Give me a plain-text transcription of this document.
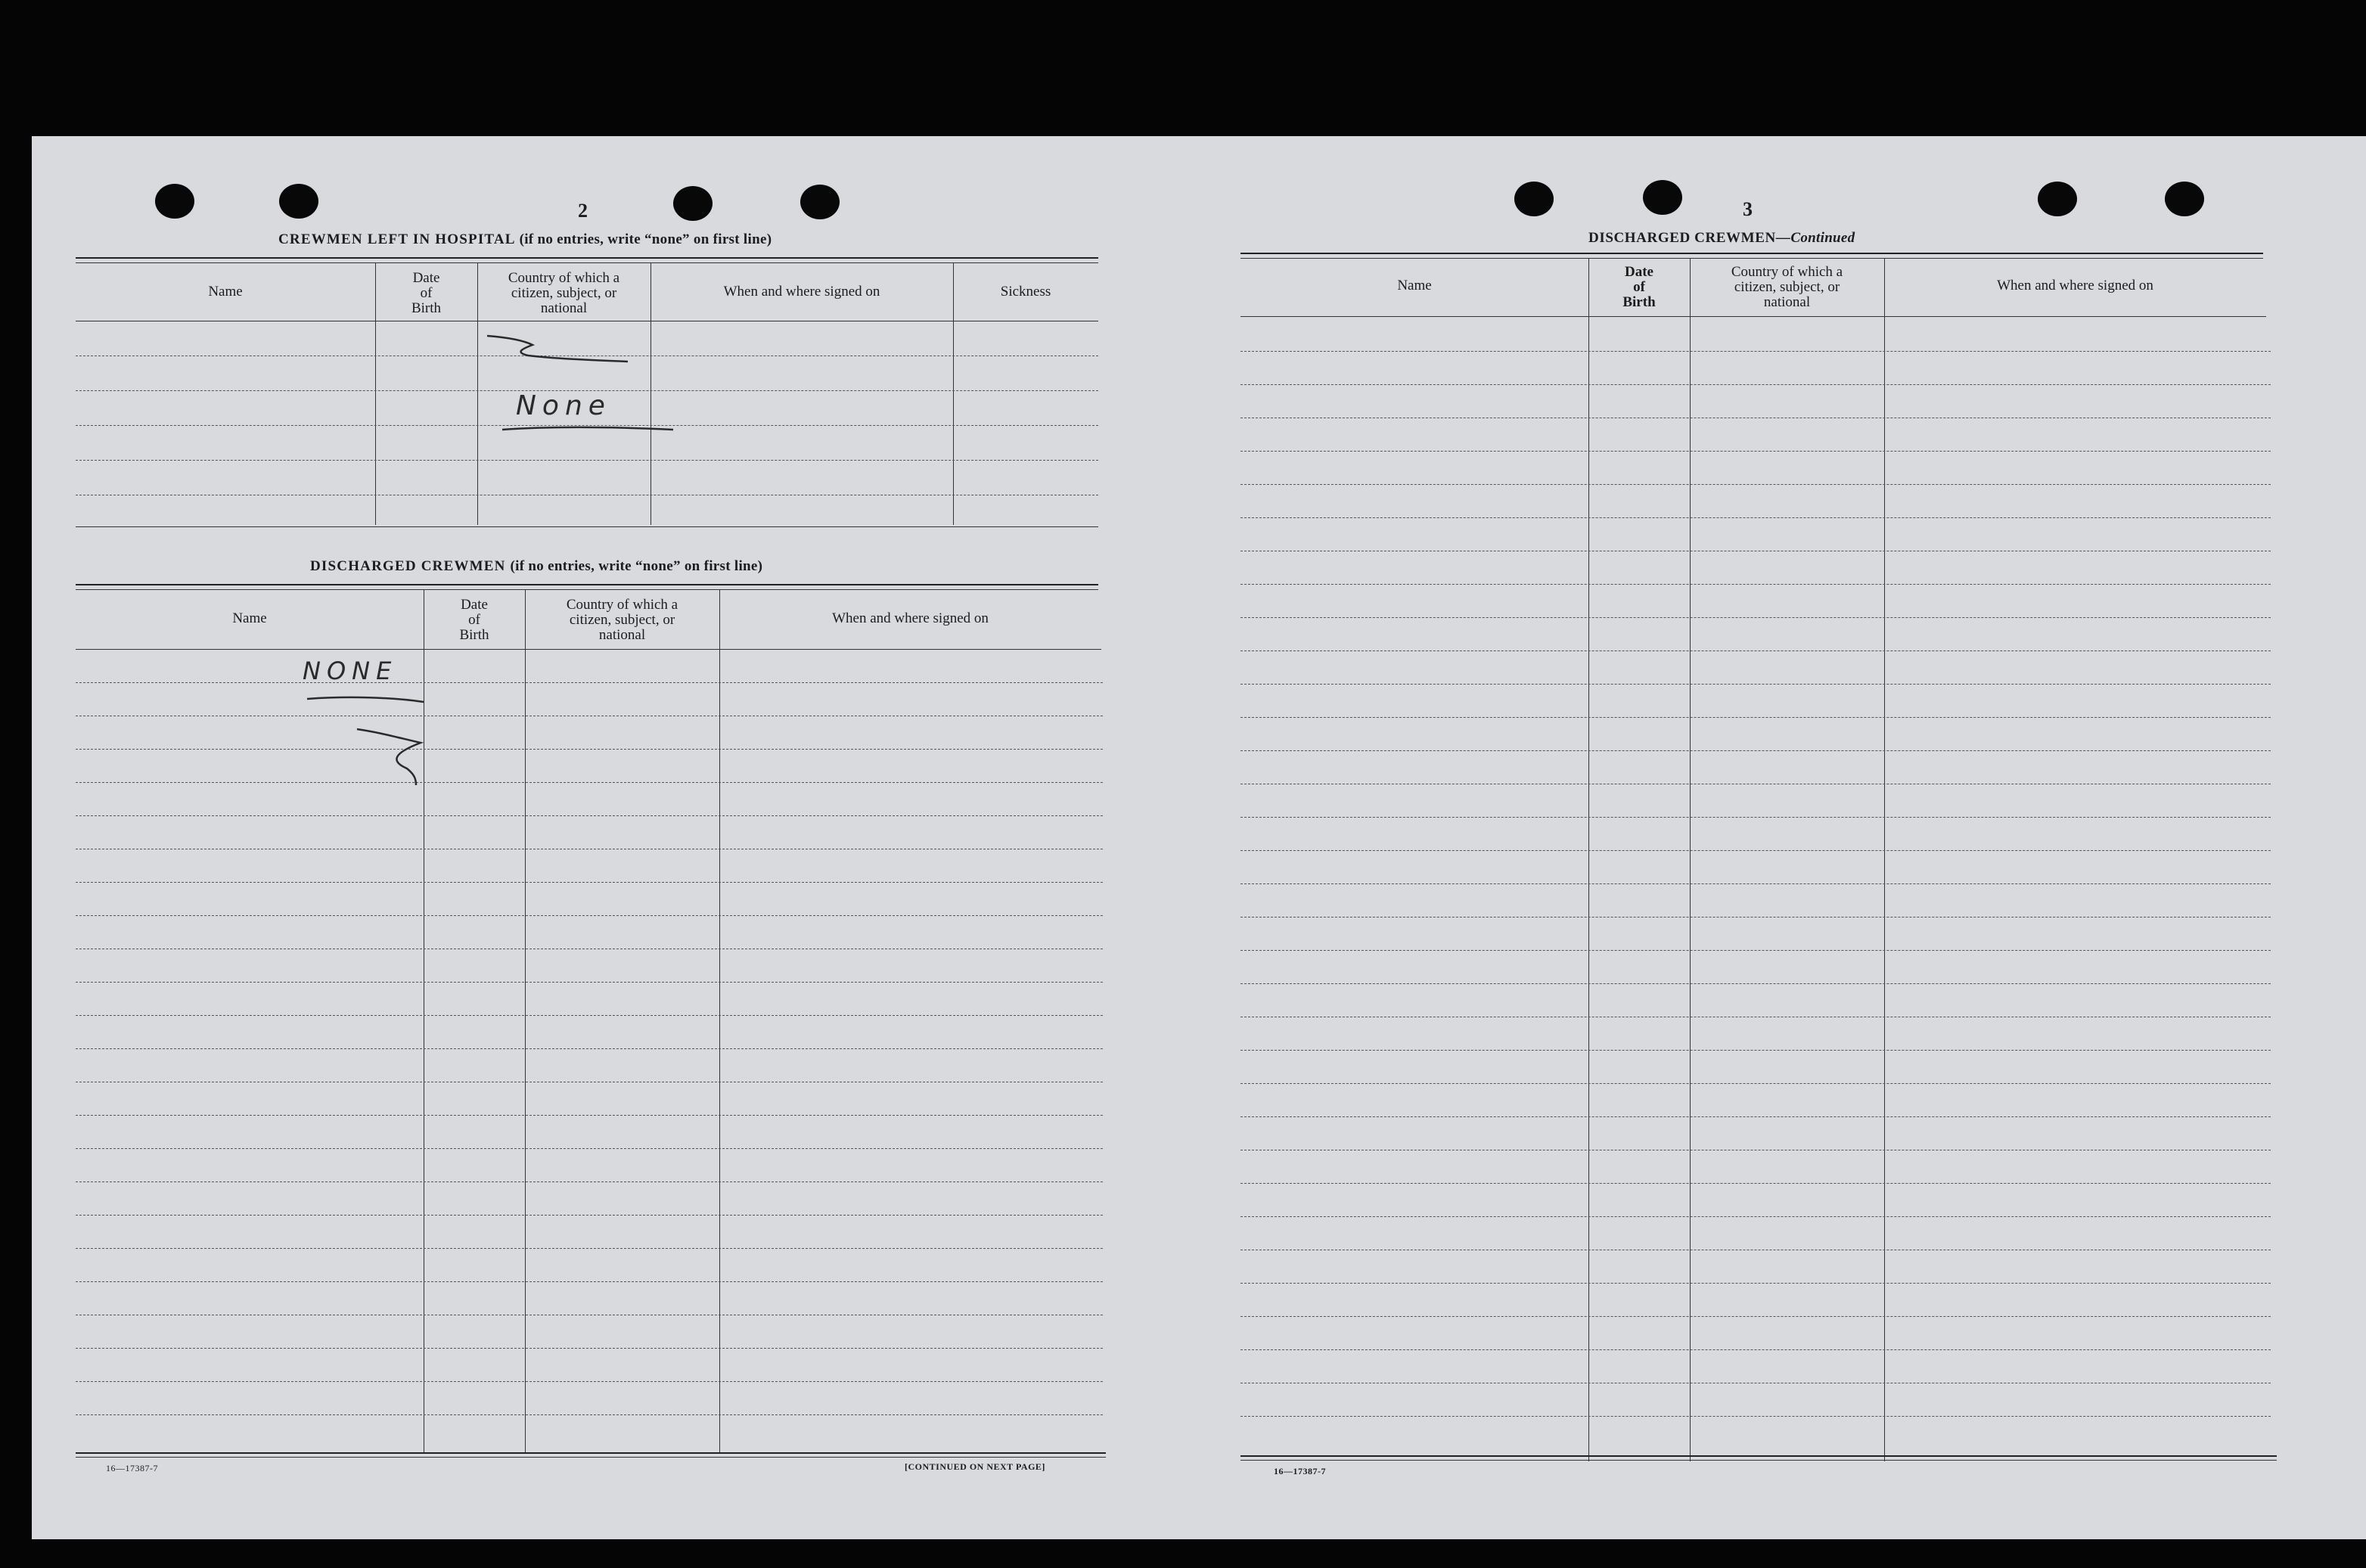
2
CREWMEN LEFT IN HOSPITAL (if no entries, write “none” on first line)
Name
Date
of
Birth
Country of which a
citizen, subject, or
national
When and where signed on	Sickness
None
DISCHARGED CREWMEN (if no entries, write “none” on first line)
Name
Date
of
Birth
Country of which a
citizen, subject, or
national
When and where signed on
NONE
16—17387-7	[CONTINUED ON NEXT PAGE]
3
DISCHARGED CREWMEN—Continued
Name
Date
of
Birth
Country of which a
citizen, subject, or
national
When and where signed on
16—17387-7
